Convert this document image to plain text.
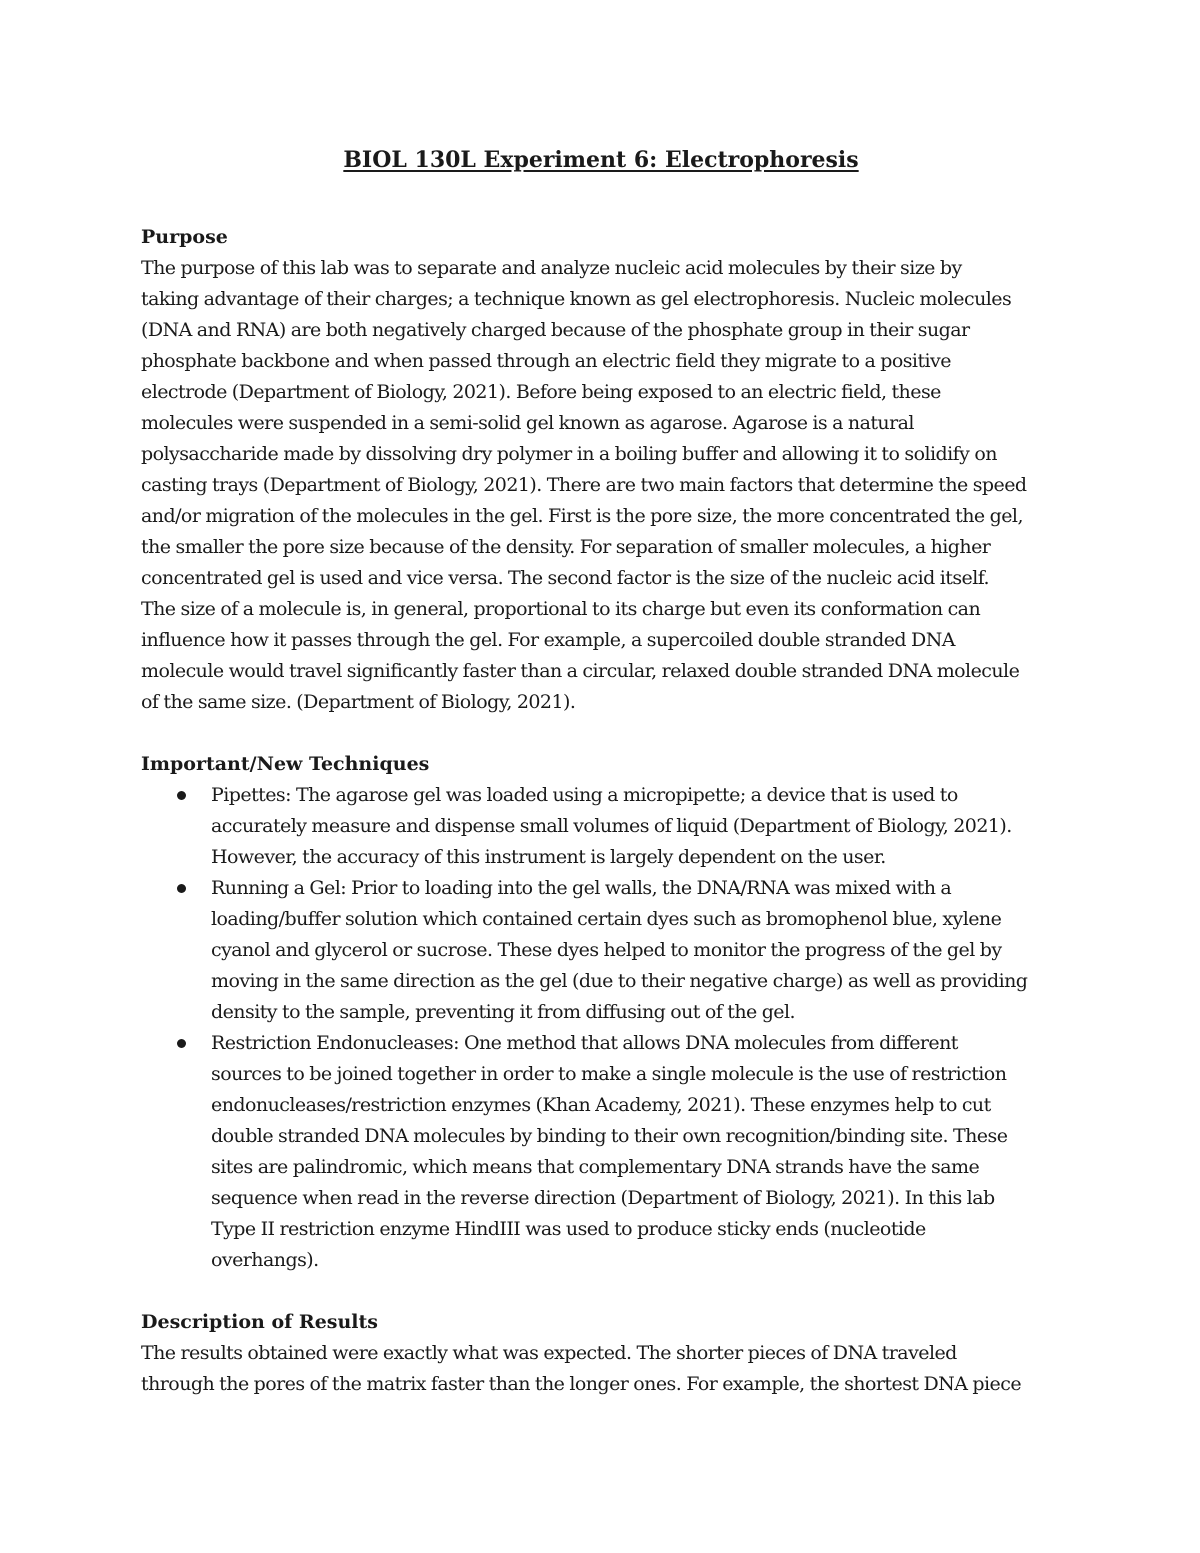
BIOL 130L Experiment 6: Electrophoresis
Purpose
The purpose of this lab was to separate and analyze nucleic acid molecules by their size by
taking advantage of their charges; a technique known as gel electrophoresis. Nucleic molecules
(DNA and RNA) are both negatively charged because of the phosphate group in their sugar
phosphate backbone and when passed through an electric field they migrate to a positive
electrode (Department of Biology, 2021). Before being exposed to an electric field, these
molecules were suspended in a semi-solid gel known as agarose. Agarose is a natural
polysaccharide made by dissolving dry polymer in a boiling buffer and allowing it to solidify on
casting trays (Department of Biology, 2021). There are two main factors that determine the speed
and/or migration of the molecules in the gel. First is the pore size, the more concentrated the gel,
the smaller the pore size because of the density. For separation of smaller molecules, a higher
concentrated gel is used and vice versa. The second factor is the size of the nucleic acid itself.
The size of a molecule is, in general, proportional to its charge but even its conformation can
influence how it passes through the gel. For example, a supercoiled double stranded DNA
molecule would travel significantly faster than a circular, relaxed double stranded DNA molecule
of the same size. (Department of Biology, 2021).
Important/New Techniques
Pipettes: The agarose gel was loaded using a micropipette; a device that is used to
accurately measure and dispense small volumes of liquid (Department of Biology, 2021).
However, the accuracy of this instrument is largely dependent on the user.
Running a Gel: Prior to loading into the gel walls, the DNA/RNA was mixed with a
loading/buffer solution which contained certain dyes such as bromophenol blue, xylene
cyanol and glycerol or sucrose. These dyes helped to monitor the progress of the gel by
moving in the same direction as the gel (due to their negative charge) as well as providing
density to the sample, preventing it from diffusing out of the gel.
Restriction Endonucleases: One method that allows DNA molecules from different
sources to be joined together in order to make a single molecule is the use of restriction
endonucleases/restriction enzymes (Khan Academy, 2021). These enzymes help to cut
double stranded DNA molecules by binding to their own recognition/binding site. These
sites are palindromic, which means that complementary DNA strands have the same
sequence when read in the reverse direction (Department of Biology, 2021). In this lab
Type II restriction enzyme HindIII was used to produce sticky ends (nucleotide
overhangs).
Description of Results
The results obtained were exactly what was expected. The shorter pieces of DNA traveled
through the pores of the matrix faster than the longer ones. For example, the shortest DNA piece
